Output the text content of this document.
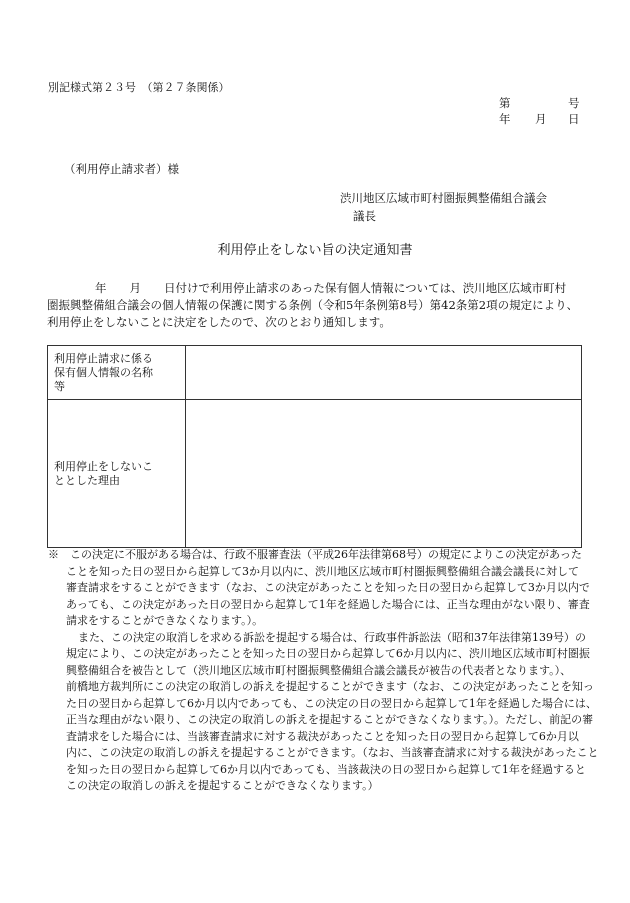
別記様式第２３号　（第２７条関係）
第	号
年 月 日
（利用停止請求者）様
渋川地区広域市町村圏振興整備組合議会
議長
利用停止をしない旨の決定通知書
年　　月　　日付けで利用停止請求のあった保有個人情報については、渋川地区広域市町村
圏振興整備組合議会の個人情報の保護に関する条例（令和5年条例第8号）第42条第2項の規定により、
利用停止をしないことに決定をしたので、次のとおり通知します。
利用停止請求に係る
保有個人情報の名称
等	

利用停止をしないこ
ととした理由	

※　この決定に不服がある場合は、行政不服審査法（平成26年法律第68号）の規定によりこの決定があった
ことを知った日の翌日から起算して3か月以内に、渋川地区広域市町村圏振興整備組合議会議長に対して
審査請求をすることができます（なお、この決定があったことを知った日の翌日から起算して3か月以内で
あっても、この決定があった日の翌日から起算して1年を経過した場合には、正当な理由がない限り、審査
請求をすることができなくなります。）。
また、この決定の取消しを求める訴訟を提起する場合は、行政事件訴訟法（昭和37年法律第139号）の
規定により、この決定があったことを知った日の翌日から起算して6か月以内に、渋川地区広域市町村圏振
興整備組合を被告として（渋川地区広域市町村圏振興整備組合議会議長が被告の代表者となります。）、
前橋地方裁判所にこの決定の取消しの訴えを提起することができます（なお、この決定があったことを知っ
た日の翌日から起算して6か月以内であっても、この決定の日の翌日から起算して1年を経過した場合には、
正当な理由がない限り、この決定の取消しの訴えを提起することができなくなります。）。ただし、前記の審
査請求をした場合には、当該審査請求に対する裁決があったことを知った日の翌日から起算して6か月以
内に、この決定の取消しの訴えを提起することができます。（なお、当該審査請求に対する裁決があったこと
を知った日の翌日から起算して6か月以内であっても、当該裁決の日の翌日から起算して1年を経過すると
この決定の取消しの訴えを提起することができなくなります。）
